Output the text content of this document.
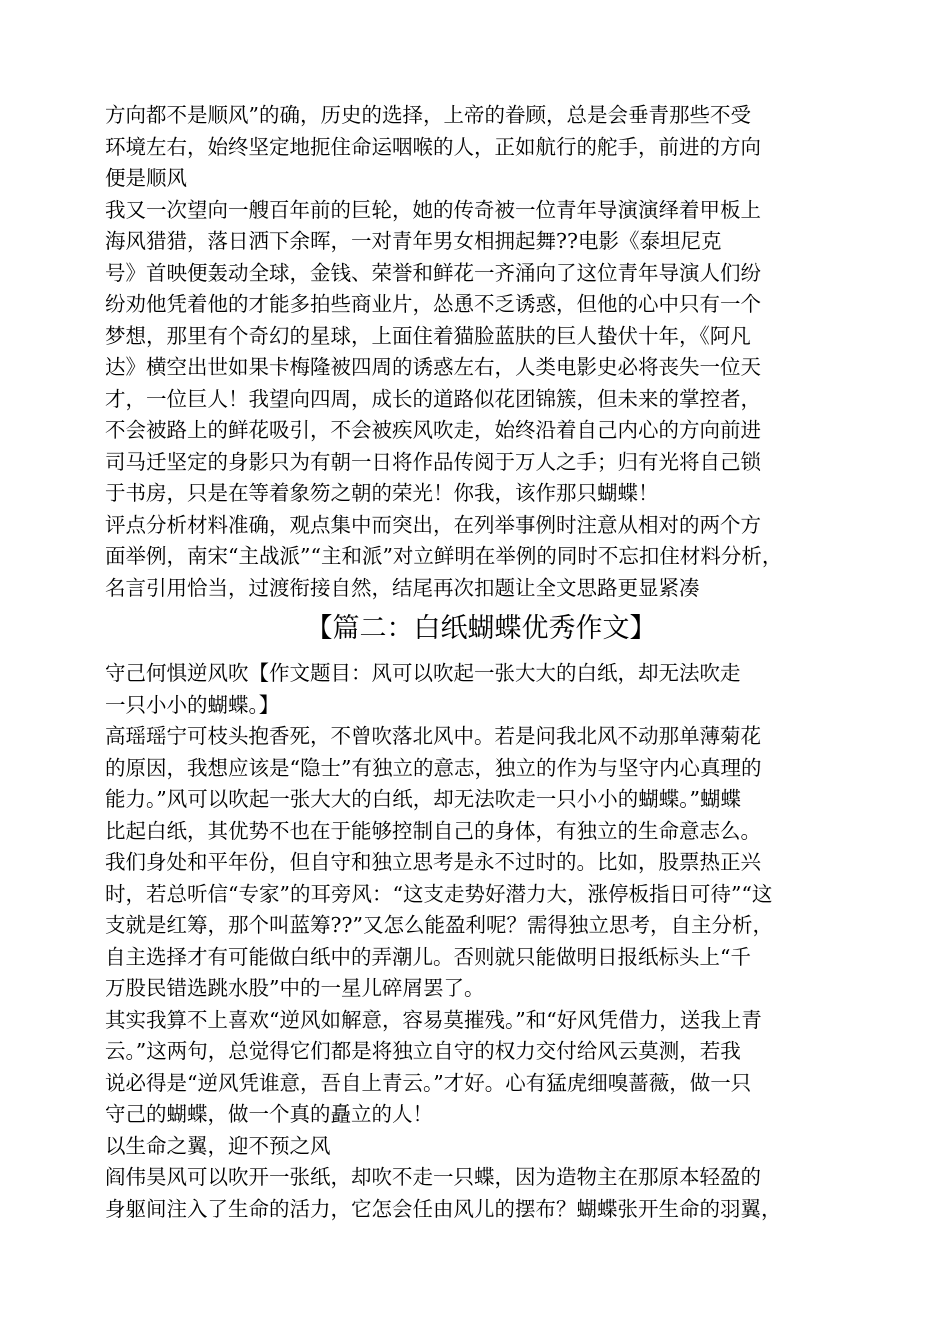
方向都不是顺风”的确，历史的选择，上帝的眷顾，总是会垂青那些不受
环境左右，始终坚定地扼住命运咽喉的人，正如航行的舵手，前进的方向
便是顺风
我又一次望向一艘百年前的巨轮，她的传奇被一位青年导演演绎着甲板上
海风猎猎，落日洒下余晖，一对青年男女相拥起舞??电影《泰坦尼克
号》首映便轰动全球，金钱、荣誉和鲜花一齐涌向了这位青年导演人们纷
纷劝他凭着他的才能多拍些商业片，怂恿不乏诱惑，但他的心中只有一个
梦想，那里有个奇幻的星球，上面住着猫脸蓝肤的巨人蛰伏十年，《阿凡
达》横空出世如果卡梅隆被四周的诱惑左右，人类电影史必将丧失一位天
才，一位巨人！我望向四周，成长的道路似花团锦簇，但未来的掌控者，
不会被路上的鲜花吸引，不会被疾风吹走，始终沿着自己内心的方向前进
司马迁坚定的身影只为有朝一日将作品传阅于万人之手；归有光将自己锁
于书房，只是在等着象笏之朝的荣光！你我，该作那只蝴蝶！
评点分析材料准确，观点集中而突出，在列举事例时注意从相对的两个方
面举例，南宋“主战派”“主和派”对立鲜明在举例的同时不忘扣住材料分析，
名言引用恰当，过渡衔接自然，结尾再次扣题让全文思路更显紧凑
【篇二：白纸蝴蝶优秀作文】
守己何惧逆风吹【作文题目：风可以吹起一张大大的白纸，却无法吹走
一只小小的蝴蝶。】
高瑶瑶宁可枝头抱香死，不曾吹落北风中。若是问我北风不动那单薄菊花
的原因，我想应该是“隐士”有独立的意志，独立的作为与坚守内心真理的
能力。”风可以吹起一张大大的白纸，却无法吹走一只小小的蝴蝶。”蝴蝶
比起白纸，其优势不也在于能够控制自己的身体，有独立的生命意志么。
我们身处和平年份，但自守和独立思考是永不过时的。比如，股票热正兴
时，若总听信“专家”的耳旁风：“这支走势好潜力大，涨停板指日可待”“这
支就是红筹，那个叫蓝筹??”又怎么能盈利呢？需得独立思考，自主分析，
自主选择才有可能做白纸中的弄潮儿。否则就只能做明日报纸标头上“千
万股民错选跳水股”中的一星儿碎屑罢了。
其实我算不上喜欢“逆风如解意，容易莫摧残。”和“好风凭借力，送我上青
云。”这两句，总觉得它们都是将独立自守的权力交付给风云莫测，若我
说必得是“逆风凭谁意，吾自上青云。”才好。心有猛虎细嗅蔷薇，做一只
守己的蝴蝶，做一个真的矗立的人！
以生命之翼，迎不预之风
阎伟昊风可以吹开一张纸，却吹不走一只蝶，因为造物主在那原本轻盈的
身躯间注入了生命的活力，它怎会任由风儿的摆布？蝴蝶张开生命的羽翼，
